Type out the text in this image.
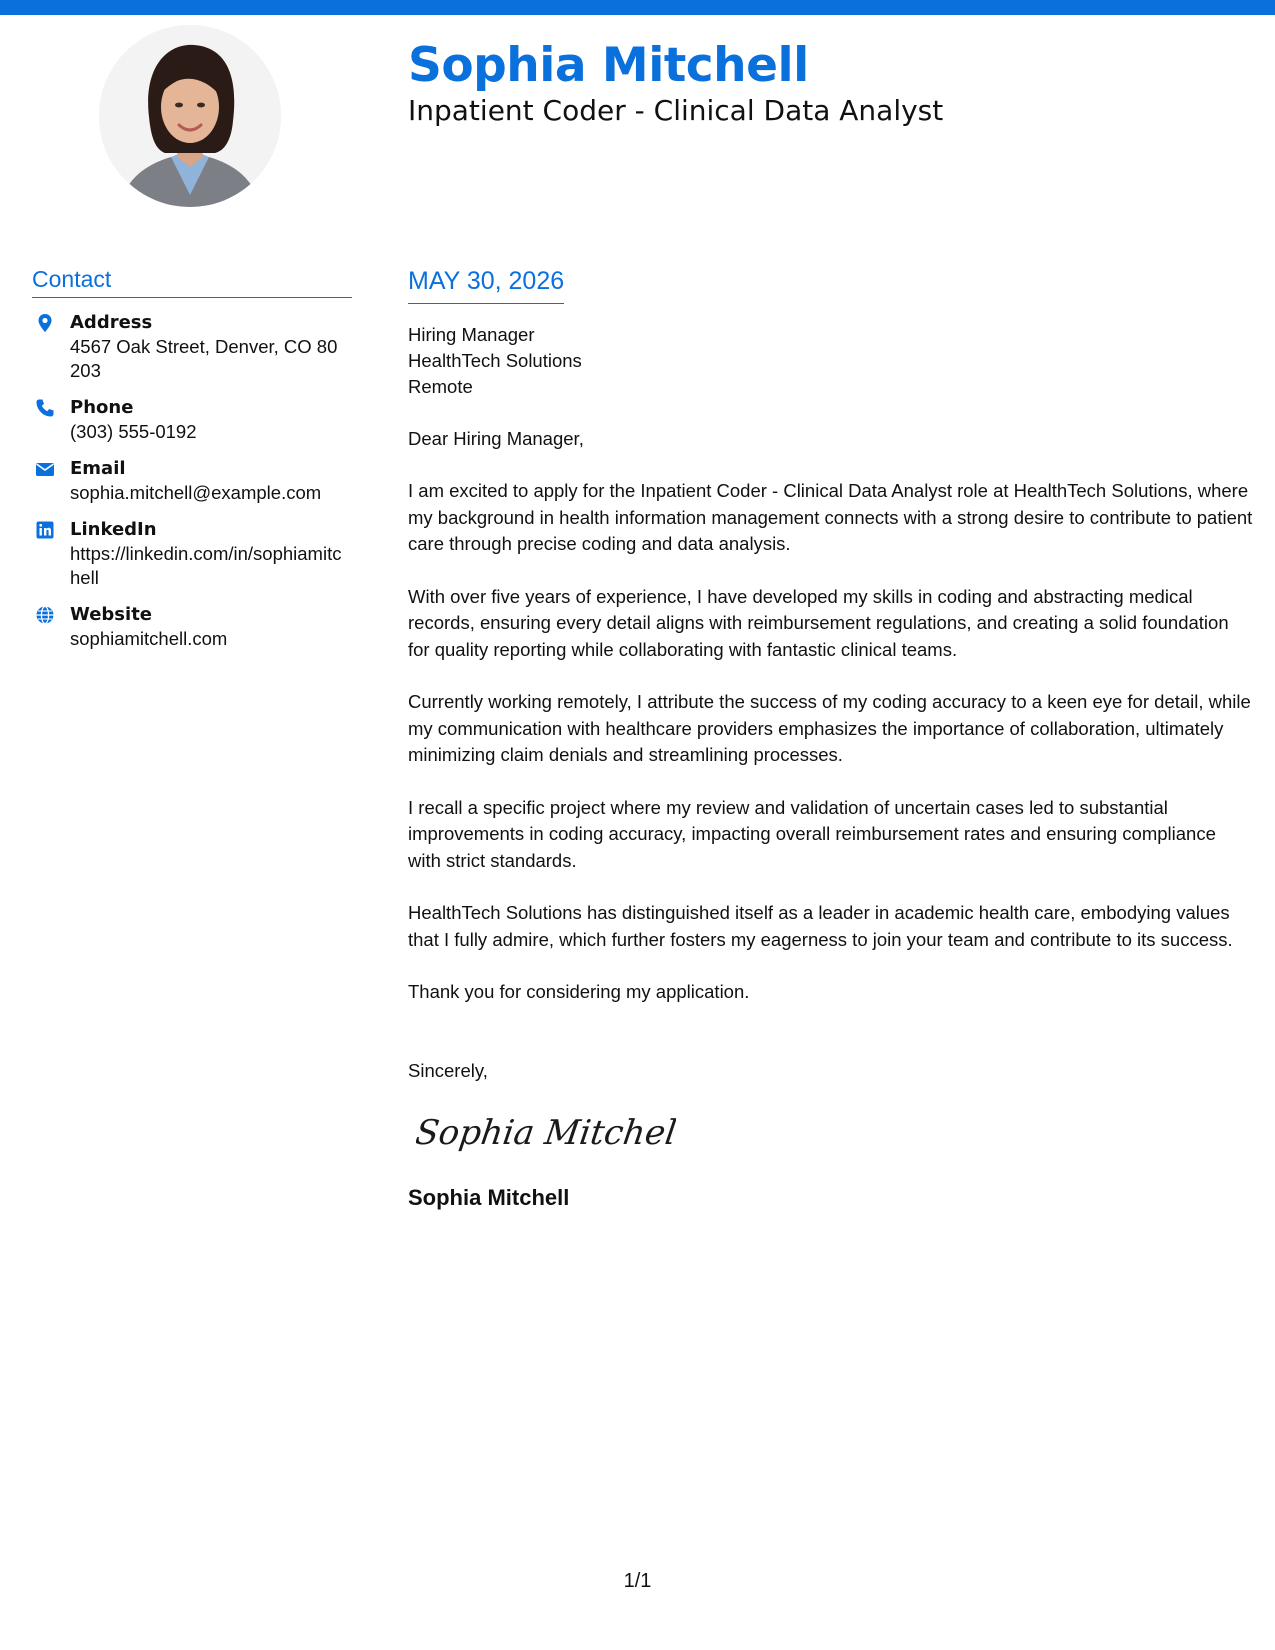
Sophia Mitchell
Inpatient Coder - Clinical Data Analyst
Contact
Address
4567 Oak Street, Denver, CO 80203
Phone
(303) 555-0192
Email
sophia.mitchell@example.com
LinkedIn
https://linkedin.com/in/sophiamitchell
Website
sophiamitchell.com
MAY 30, 2026
Hiring Manager
HealthTech Solutions
Remote
Dear Hiring Manager,

I am excited to apply for the Inpatient Coder - Clinical Data Analyst role at HealthTech Solutions, where my background in health information management connects with a strong desire to contribute to patient care through precise coding and data analysis.

With over five years of experience, I have developed my skills in coding and abstracting medical records, ensuring every detail aligns with reimbursement regulations, and creating a solid foundation for quality reporting while collaborating with fantastic clinical teams.

Currently working remotely, I attribute the success of my coding accuracy to a keen eye for detail, while my communication with healthcare providers emphasizes the importance of collaboration, ultimately minimizing claim denials and streamlining processes.

I recall a specific project where my review and validation of uncertain cases led to substantial improvements in coding accuracy, impacting overall reimbursement rates and ensuring compliance with strict standards.

HealthTech Solutions has distinguished itself as a leader in academic health care, embodying values that I fully admire, which further fosters my eagerness to join your team and contribute to its success.

Thank you for considering my application.

Sincerely,
Sophia Mitchell
Sophia Mitchell
1/1
